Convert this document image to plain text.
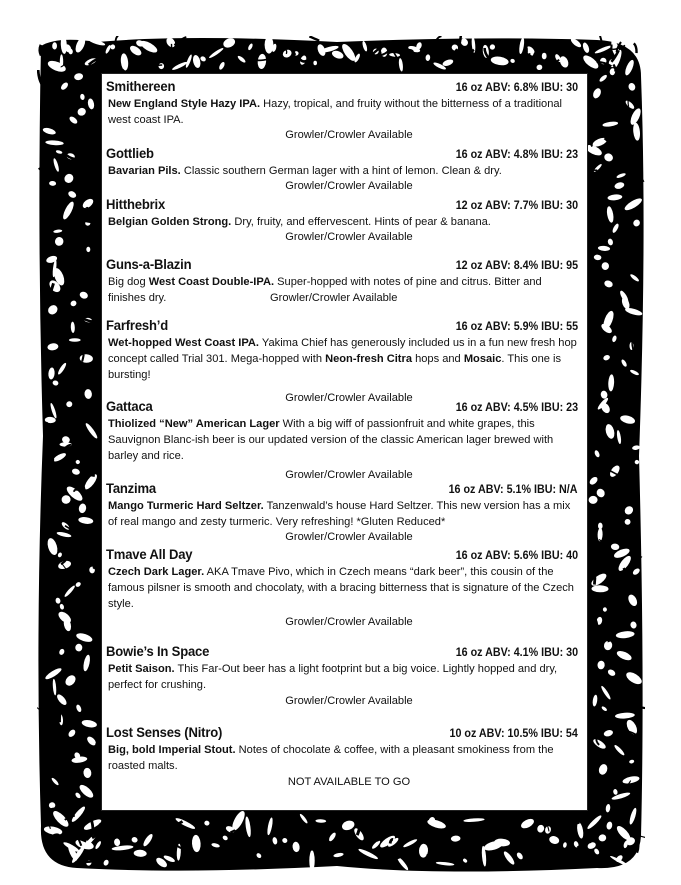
Smithereen	16 oz ABV: 6.8% IBU: 30
New England Style Hazy IPA. Hazy, tropical, and fruity without the bitterness of a traditional west coast IPA.
Growler/Crowler Available
Gottlieb	16 oz ABV: 4.8% IBU: 23
Bavarian Pils. Classic southern German lager with a hint of lemon. Clean & dry.
Growler/Crowler Available
Hitthebrix	12 oz ABV: 7.7% IBU: 30
Belgian Golden Strong. Dry, fruity, and effervescent. Hints of pear & banana.
Growler/Crowler Available
Guns-a-Blazin	12 oz ABV: 8.4% IBU: 95
Big dog West Coast Double-IPA. Super-hopped with notes of pine and citrus. Bitter and finishes dry.	Growler/Crowler Available
Farfresh’d	16 oz ABV: 5.9% IBU: 55
Wet-hopped West Coast IPA. Yakima Chief has generously included us in a fun new fresh hop concept called Trial 301. Mega-hopped with Neon-fresh Citra hops and Mosaic. This one is bursting!
Growler/Crowler Available
Gattaca	16 oz ABV: 4.5% IBU: 23
Thiolized “New” American Lager With a big wiff of passionfruit and white grapes, this Sauvignon Blanc-ish beer is our updated version of the classic American lager brewed with barley and rice.
Growler/Crowler Available
Tanzima	16 oz ABV: 5.1% IBU: N/A
Mango Turmeric Hard Seltzer. Tanzenwald’s house Hard Seltzer. This new version has a mix of real mango and zesty turmeric. Very refreshing! *Gluten Reduced*
Growler/Crowler Available
Tmave All Day	16 oz ABV: 5.6% IBU: 40
Czech Dark Lager. AKA Tmave Pivo, which in Czech means “dark beer”, this cousin of the famous pilsner is smooth and chocolaty, with a bracing bitterness that is signature of the Czech style.
Growler/Crowler Available
Bowie’s In Space	16 oz ABV: 4.1% IBU: 30
Petit Saison. This Far-Out beer has a light footprint but a big voice. Lightly hopped and dry, perfect for crushing.
Growler/Crowler Available
Lost Senses (Nitro)	10 oz ABV: 10.5% IBU: 54
Big, bold Imperial Stout. Notes of chocolate & coffee, with a pleasant smokiness from the roasted malts.
NOT AVAILABLE TO GO
